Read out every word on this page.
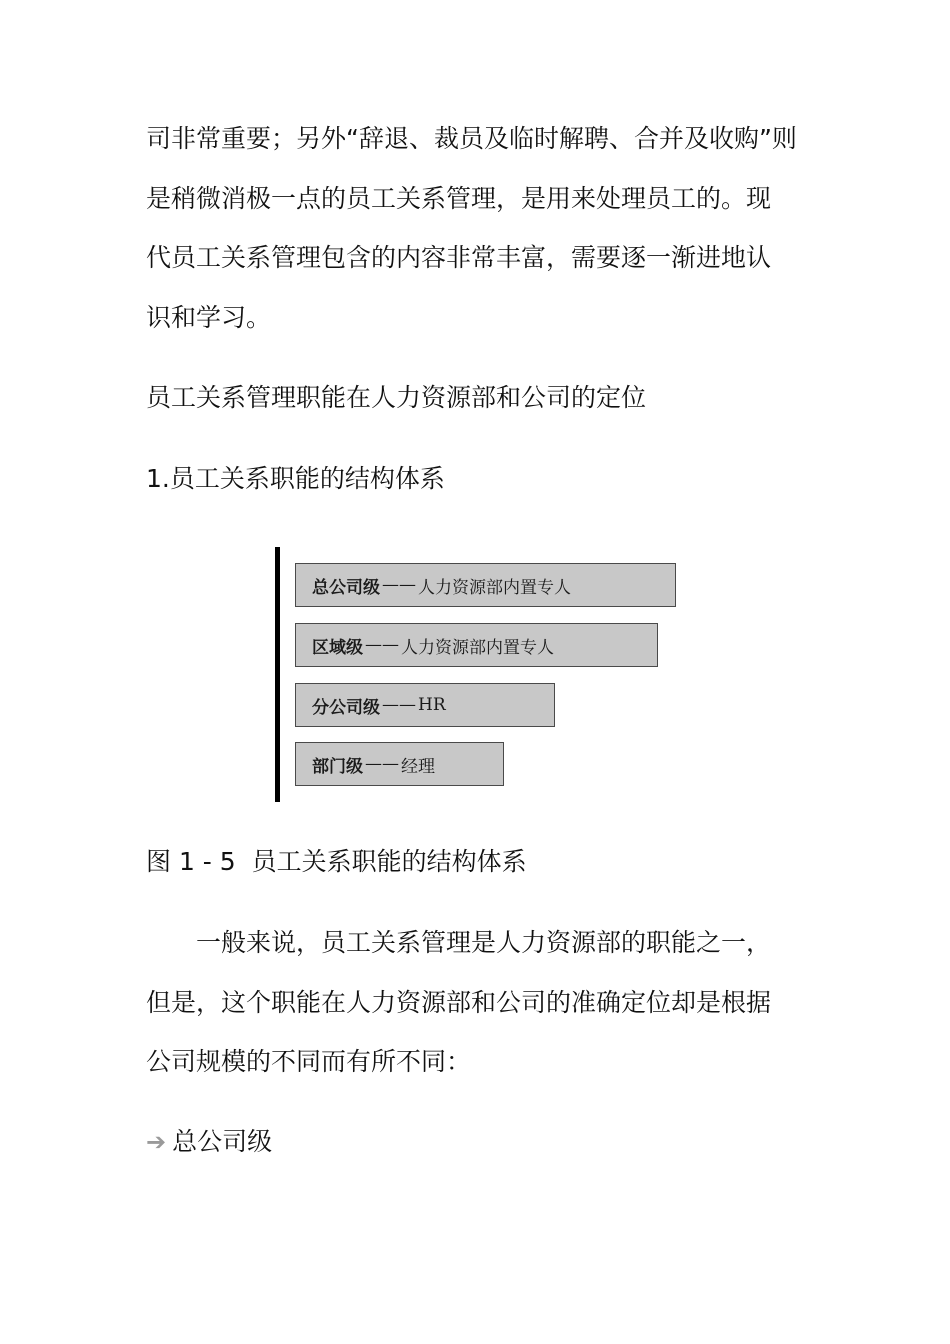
司非常重要；另外“辞退、裁员及临时解聘、合并及收购”则

是稍微消极一点的员工关系管理，是用来处理员工的。现

代员工关系管理包含的内容非常丰富，需要逐一渐进地认

识和学习。

员工关系管理职能在人力资源部和公司的定位

1.员工关系职能的结构体系

总公司级 —— 人力资源部内置专人
区域级 —— 人力资源部内置专人
分公司级 —— HR
部门级 —— 经理

图 1 - 5  员工关系职能的结构体系

一般来说，员工关系管理是人力资源部的职能之一，

但是，这个职能在人力资源部和公司的准确定位却是根据

公司规模的不同而有所不同：

➔ 总公司级
